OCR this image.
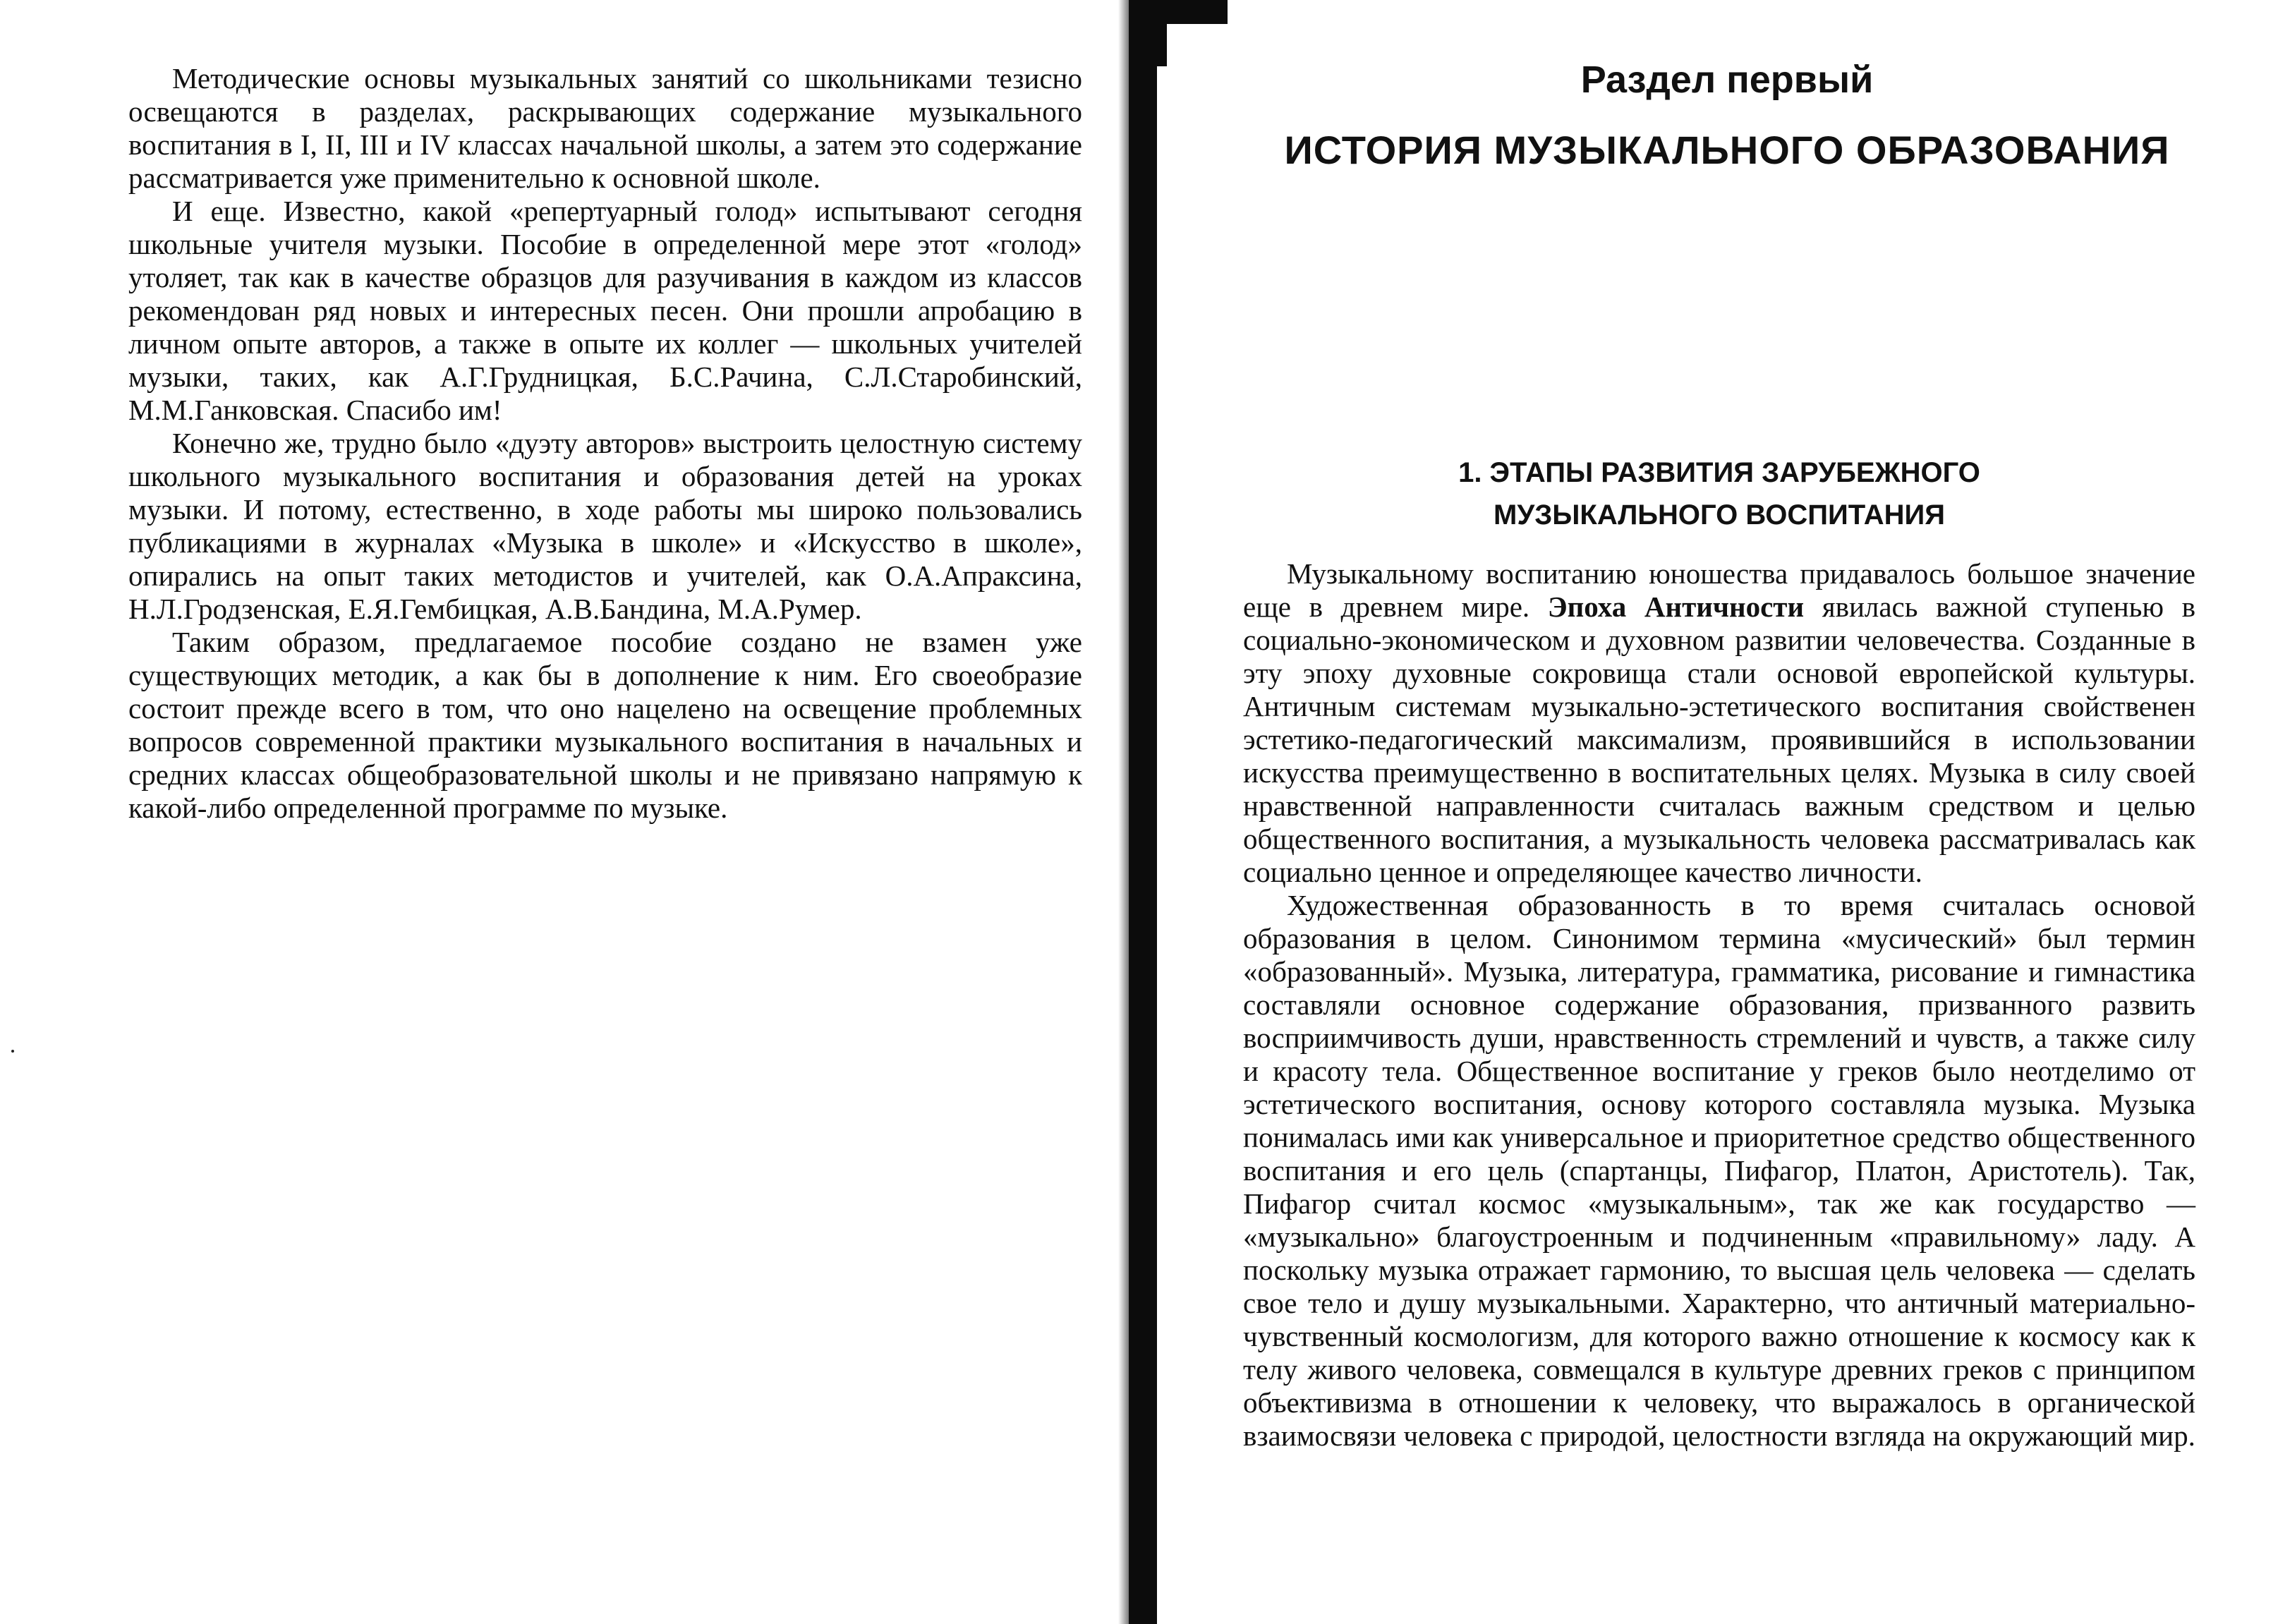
Методические основы музыкальных занятий со школьниками тезисно освещаются в разделах, раскрывающих содержание музыкального воспитания в I, II, III и IV классах начальной школы, а затем это содержание рассматривается уже применительно к основной школе.

И еще. Известно, какой «репертуарный голод» испытывают сегодня школьные учителя музыки. Пособие в определенной мере этот «голод» утоляет, так как в качестве образцов для разучивания в каждом из классов рекомендован ряд новых и интересных песен. Они прошли апробацию в личном опыте авторов, а также в опыте их коллег — школьных учителей музыки, таких, как А.Г.Грудницкая, Б.С.Рачина, С.Л.Старобинский, М.М.Ганковская. Спасибо им!

Конечно же, трудно было «дуэту авторов» выстроить целостную систему школьного музыкального воспитания и образования детей на уроках музыки. И потому, естественно, в ходе работы мы широко пользовались публикациями в журналах «Музыка в школе» и «Искусство в школе», опирались на опыт таких методистов и учителей, как О.А.Апраксина, Н.Л.Гродзенская, Е.Я.Гембицкая, А.В.Бандина, М.А.Румер.

Таким образом, предлагаемое пособие создано не взамен уже существующих методик, а как бы в дополнение к ним. Его своеобразие состоит прежде всего в том, что оно нацелено на освещение проблемных вопросов современной практики музыкального воспитания в начальных и средних классах общеобразовательной школы и не привязано напрямую к какой-либо определенной программе по музыке.

Раздел первый
ИСТОРИЯ МУЗЫКАЛЬНОГО ОБРАЗОВАНИЯ
1. ЭТАПЫ РАЗВИТИЯ ЗАРУБЕЖНОГО
МУЗЫКАЛЬНОГО ВОСПИТАНИЯ

Музыкальному воспитанию юношества придавалось большое значение еще в древнем мире. Эпоха Античности явилась важной ступенью в социально-экономическом и духовном развитии человечества. Созданные в эту эпоху духовные сокровища стали основой европейской культуры. Античным системам музыкально-эстетического воспитания свойственен эстетико-педагогический максимализм, проявившийся в использовании искусства преимущественно в воспитательных целях. Музыка в силу своей нравственной направленности считалась важным средством и целью общественного воспитания, а музыкальность человека рассматривалась как социально ценное и определяющее качество личности.

Художественная образованность в то время считалась основой образования в целом. Синонимом термина «мусический» был термин «образованный». Музыка, литература, грамматика, рисование и гимнастика составляли основное содержание образования, призванного развить восприимчивость души, нравственность стремлений и чувств, а также силу и красоту тела. Общественное воспитание у греков было неотделимо от эстетического воспитания, основу которого составляла музыка. Музыка понималась ими как универсальное и приоритетное средство общественного воспитания и его цель (спартанцы, Пифагор, Платон, Аристотель). Так, Пифагор считал космос «музыкальным», так же как государство — «музыкально» благоустроенным и подчиненным «правильному» ладу. А поскольку музыка отражает гармонию, то высшая цель человека — сделать свое тело и душу музыкальными. Характерно, что античный материально-чувственный космологизм, для которого важно отношение к космосу как к телу живого человека, совмещался в культуре древних греков с принципом объективизма в отношении к человеку, что выражалось в органической взаимосвязи человека с природой, целостности взгляда на окружающий мир.
